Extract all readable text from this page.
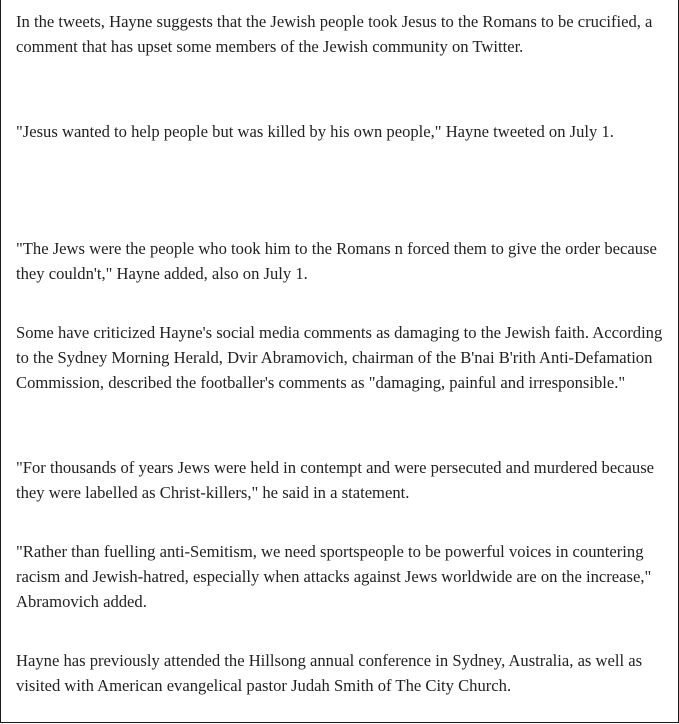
In the tweets, Hayne suggests that the Jewish people took Jesus to the Romans to be crucified, a comment that has upset some members of the Jewish community on Twitter.

"Jesus wanted to help people but was killed by his own people," Hayne tweeted on July 1.

"The Jews were the people who took him to the Romans n forced them to give the order because they couldn't," Hayne added, also on July 1.

Some have criticized Hayne's social media comments as damaging to the Jewish faith. According to the Sydney Morning Herald, Dvir Abramovich, chairman of the B'nai B'rith Anti-Defamation Commission, described the footballer's comments as "damaging, painful and irresponsible."

"For thousands of years Jews were held in contempt and were persecuted and murdered because they were labelled as Christ-killers," he said in a statement.

"Rather than fuelling anti-Semitism, we need sportspeople to be powerful voices in countering racism and Jewish-hatred, especially when attacks against Jews worldwide are on the increase," Abramovich added.

Hayne has previously attended the Hillsong annual conference in Sydney, Australia, as well as visited with American evangelical pastor Judah Smith of The City Church.
